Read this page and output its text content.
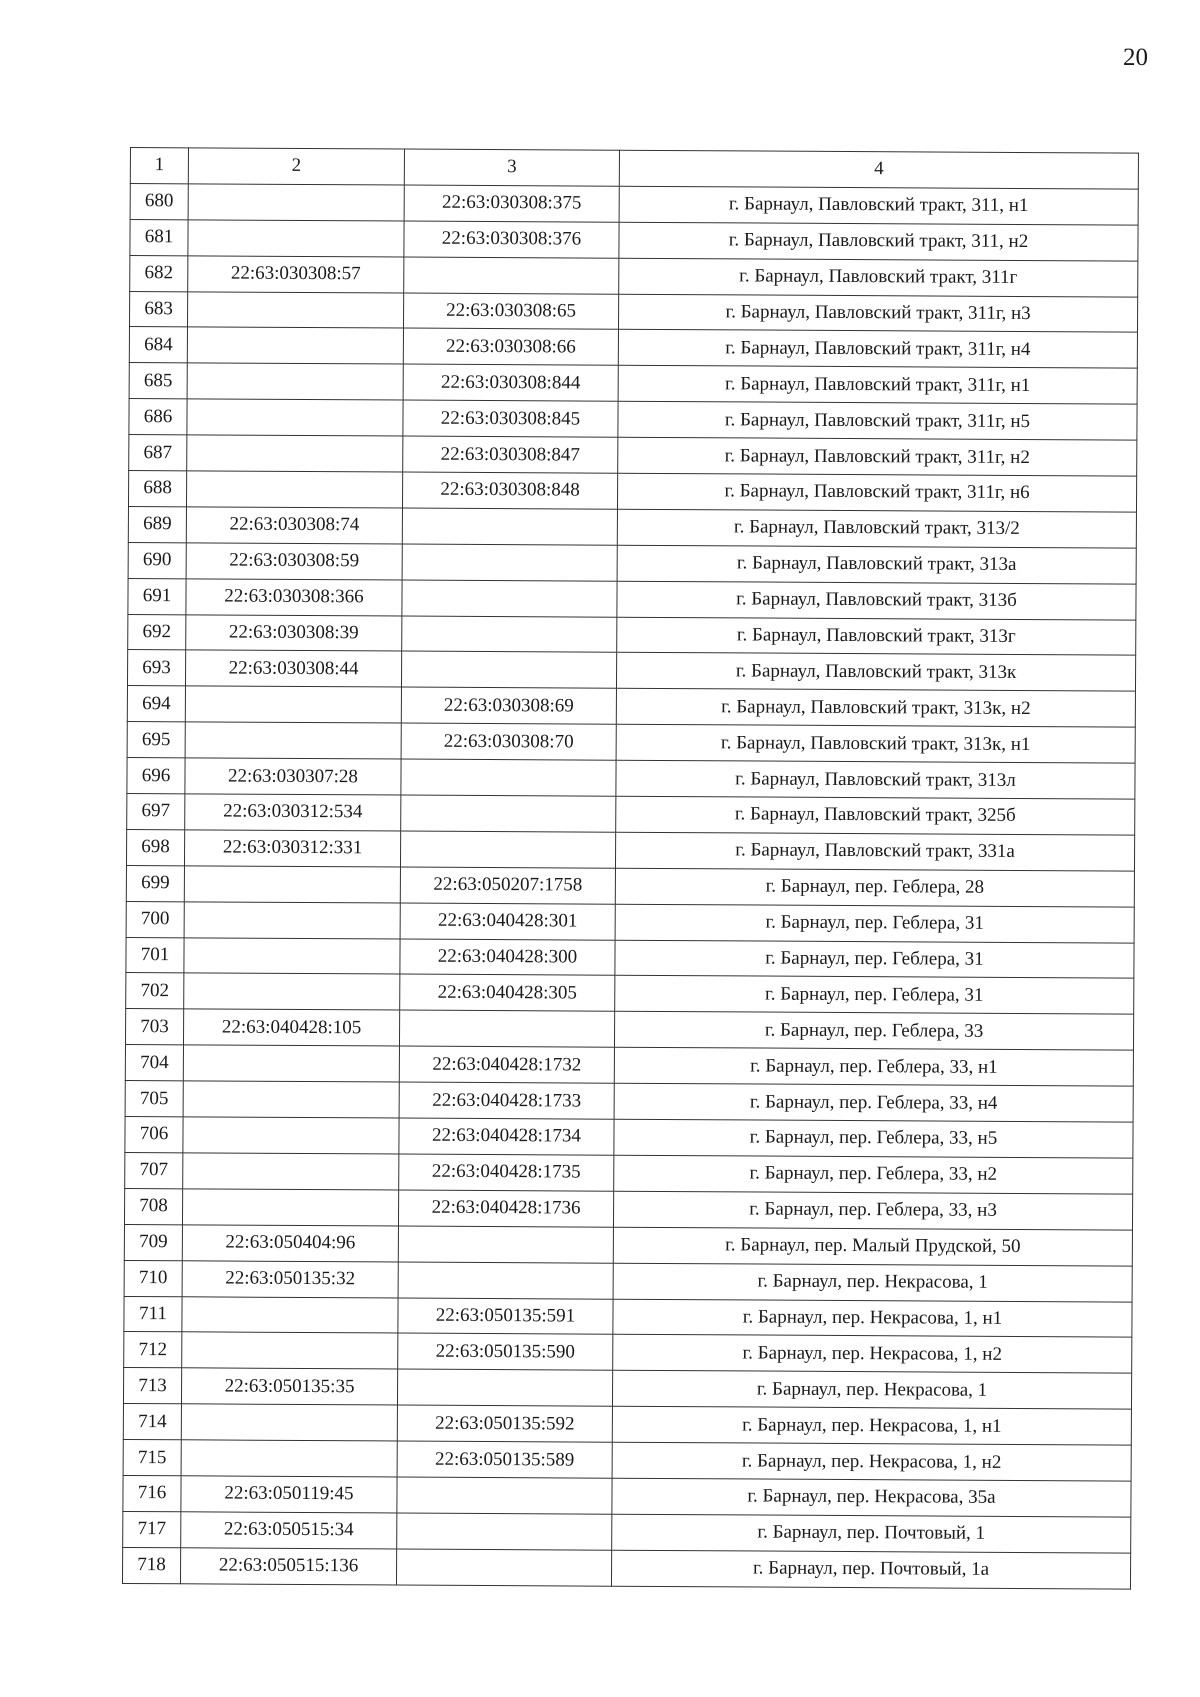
20
1	2	3	4
680		22:63:030308:375	г. Барнаул, Павловский тракт, 311, н1
681		22:63:030308:376	г. Барнаул, Павловский тракт, 311, н2
682	22:63:030308:57		г. Барнаул, Павловский тракт, 311г
683		22:63:030308:65	г. Барнаул, Павловский тракт, 311г, н3
684		22:63:030308:66	г. Барнаул, Павловский тракт, 311г, н4
685		22:63:030308:844	г. Барнаул, Павловский тракт, 311г, н1
686		22:63:030308:845	г. Барнаул, Павловский тракт, 311г, н5
687		22:63:030308:847	г. Барнаул, Павловский тракт, 311г, н2
688		22:63:030308:848	г. Барнаул, Павловский тракт, 311г, н6
689	22:63:030308:74		г. Барнаул, Павловский тракт, 313/2
690	22:63:030308:59		г. Барнаул, Павловский тракт, 313а
691	22:63:030308:366		г. Барнаул, Павловский тракт, 313б
692	22:63:030308:39		г. Барнаул, Павловский тракт, 313г
693	22:63:030308:44		г. Барнаул, Павловский тракт, 313к
694		22:63:030308:69	г. Барнаул, Павловский тракт, 313к, н2
695		22:63:030308:70	г. Барнаул, Павловский тракт, 313к, н1
696	22:63:030307:28		г. Барнаул, Павловский тракт, 313л
697	22:63:030312:534		г. Барнаул, Павловский тракт, 325б
698	22:63:030312:331		г. Барнаул, Павловский тракт, 331а
699		22:63:050207:1758	г. Барнаул, пер. Геблера, 28
700		22:63:040428:301	г. Барнаул, пер. Геблера, 31
701		22:63:040428:300	г. Барнаул, пер. Геблера, 31
702		22:63:040428:305	г. Барнаул, пер. Геблера, 31
703	22:63:040428:105		г. Барнаул, пер. Геблера, 33
704		22:63:040428:1732	г. Барнаул, пер. Геблера, 33, н1
705		22:63:040428:1733	г. Барнаул, пер. Геблера, 33, н4
706		22:63:040428:1734	г. Барнаул, пер. Геблера, 33, н5
707		22:63:040428:1735	г. Барнаул, пер. Геблера, 33, н2
708		22:63:040428:1736	г. Барнаул, пер. Геблера, 33, н3
709	22:63:050404:96		г. Барнаул, пер. Малый Прудской, 50
710	22:63:050135:32		г. Барнаул, пер. Некрасова, 1
711		22:63:050135:591	г. Барнаул, пер. Некрасова, 1, н1
712		22:63:050135:590	г. Барнаул, пер. Некрасова, 1, н2
713	22:63:050135:35		г. Барнаул, пер. Некрасова, 1
714		22:63:050135:592	г. Барнаул, пер. Некрасова, 1, н1
715		22:63:050135:589	г. Барнаул, пер. Некрасова, 1, н2
716	22:63:050119:45		г. Барнаул, пер. Некрасова, 35а
717	22:63:050515:34		г. Барнаул, пер. Почтовый, 1
718	22:63:050515:136		г. Барнаул, пер. Почтовый, 1а
